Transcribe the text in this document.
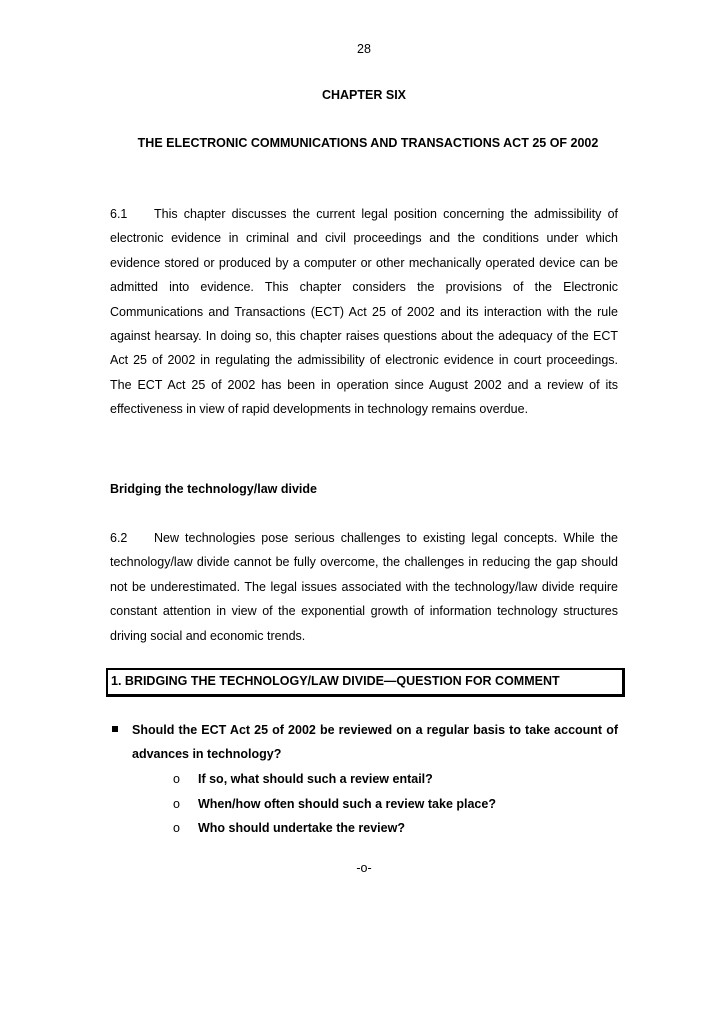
28
CHAPTER SIX
THE ELECTRONIC COMMUNICATIONS AND TRANSACTIONS ACT 25 OF 2002
6.1 This chapter discusses the current legal position concerning the admissibility of electronic evidence in criminal and civil proceedings and the conditions under which evidence stored or produced by a computer or other mechanically operated device can be admitted into evidence. This chapter considers the provisions of the Electronic Communications and Transactions (ECT) Act 25 of 2002 and its interaction with the rule against hearsay. In doing so, this chapter raises questions about the adequacy of the ECT Act 25 of 2002 in regulating the admissibility of electronic evidence in court proceedings. The ECT Act 25 of 2002 has been in operation since August 2002 and a review of its effectiveness in view of rapid developments in technology remains overdue.
Bridging the technology/law divide
6.2 New technologies pose serious challenges to existing legal concepts. While the technology/law divide cannot be fully overcome, the challenges in reducing the gap should not be underestimated. The legal issues associated with the technology/law divide require constant attention in view of the exponential growth of information technology structures driving social and economic trends.
1. BRIDGING THE TECHNOLOGY/LAW DIVIDE—QUESTION FOR COMMENT
Should the ECT Act 25 of 2002 be reviewed on a regular basis to take account of advances in technology?
o If so, what should such a review entail?
o When/how often should such a review take place?
o Who should undertake the review?
-o-
